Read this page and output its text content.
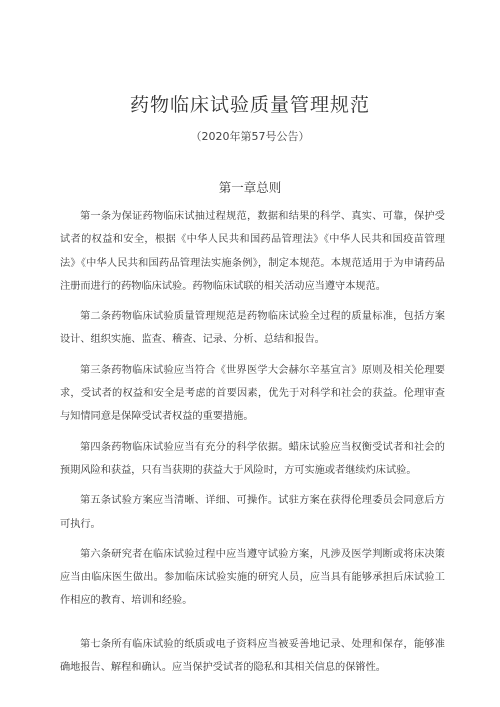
药物临床试验质量管理规范
（2020年第57号公告）
第一章总则

第一条为保证药物临床试抽过程规范，数据和结果的科学、真实、可靠，保护受试者的权益和安全，根据《中华人民共和国药品管理法》《中华人民共和国疫苗管理法》《中华人民共和国药品管理法实施条例》，制定本规范。本规范适用于为申请药品注册而进行的药物临床试验。药物临床试联的相关活动应当遵守本规范。

第二条药物临床试验质量管理规范是药物临床试验全过程的质量标准，包括方案设计、组织实施、监查、稽查、记录、分析、总结和报告。

第三条药物临床试验应当符合《世界医学大会赫尔辛基宣言》原则及相关伦理要求，受试者的权益和安全是考虑的首要因素，优先于对科学和社会的获益。伦理审查与知情同意是保障受试者权益的重要措施。

第四条药物临床试验应当有充分的科学依据。蜡床试验应当权衡受试者和社会的预期风险和获益，只有当获期的获益大于风险时，方可实施或者继续灼床试验。

第五条试验方案应当清晰、详细、可操作。试驻方案在获得伦理委员会同意后方可执行。

第六条研究者在临床试验过程中应当遵守试验方案，凡涉及医学判断或将床决策应当由临床医生做出。参加临床试验实施的研究人员，应当具有能够承担后床试验工作相应的教育、培训和经验。

第七条所有临床试验的纸质或电子资料应当被妥善地记录、处理和保存，能够准确地报告、解程和确认。应当保护受试者的隐私和其相关信息的保锵性。
